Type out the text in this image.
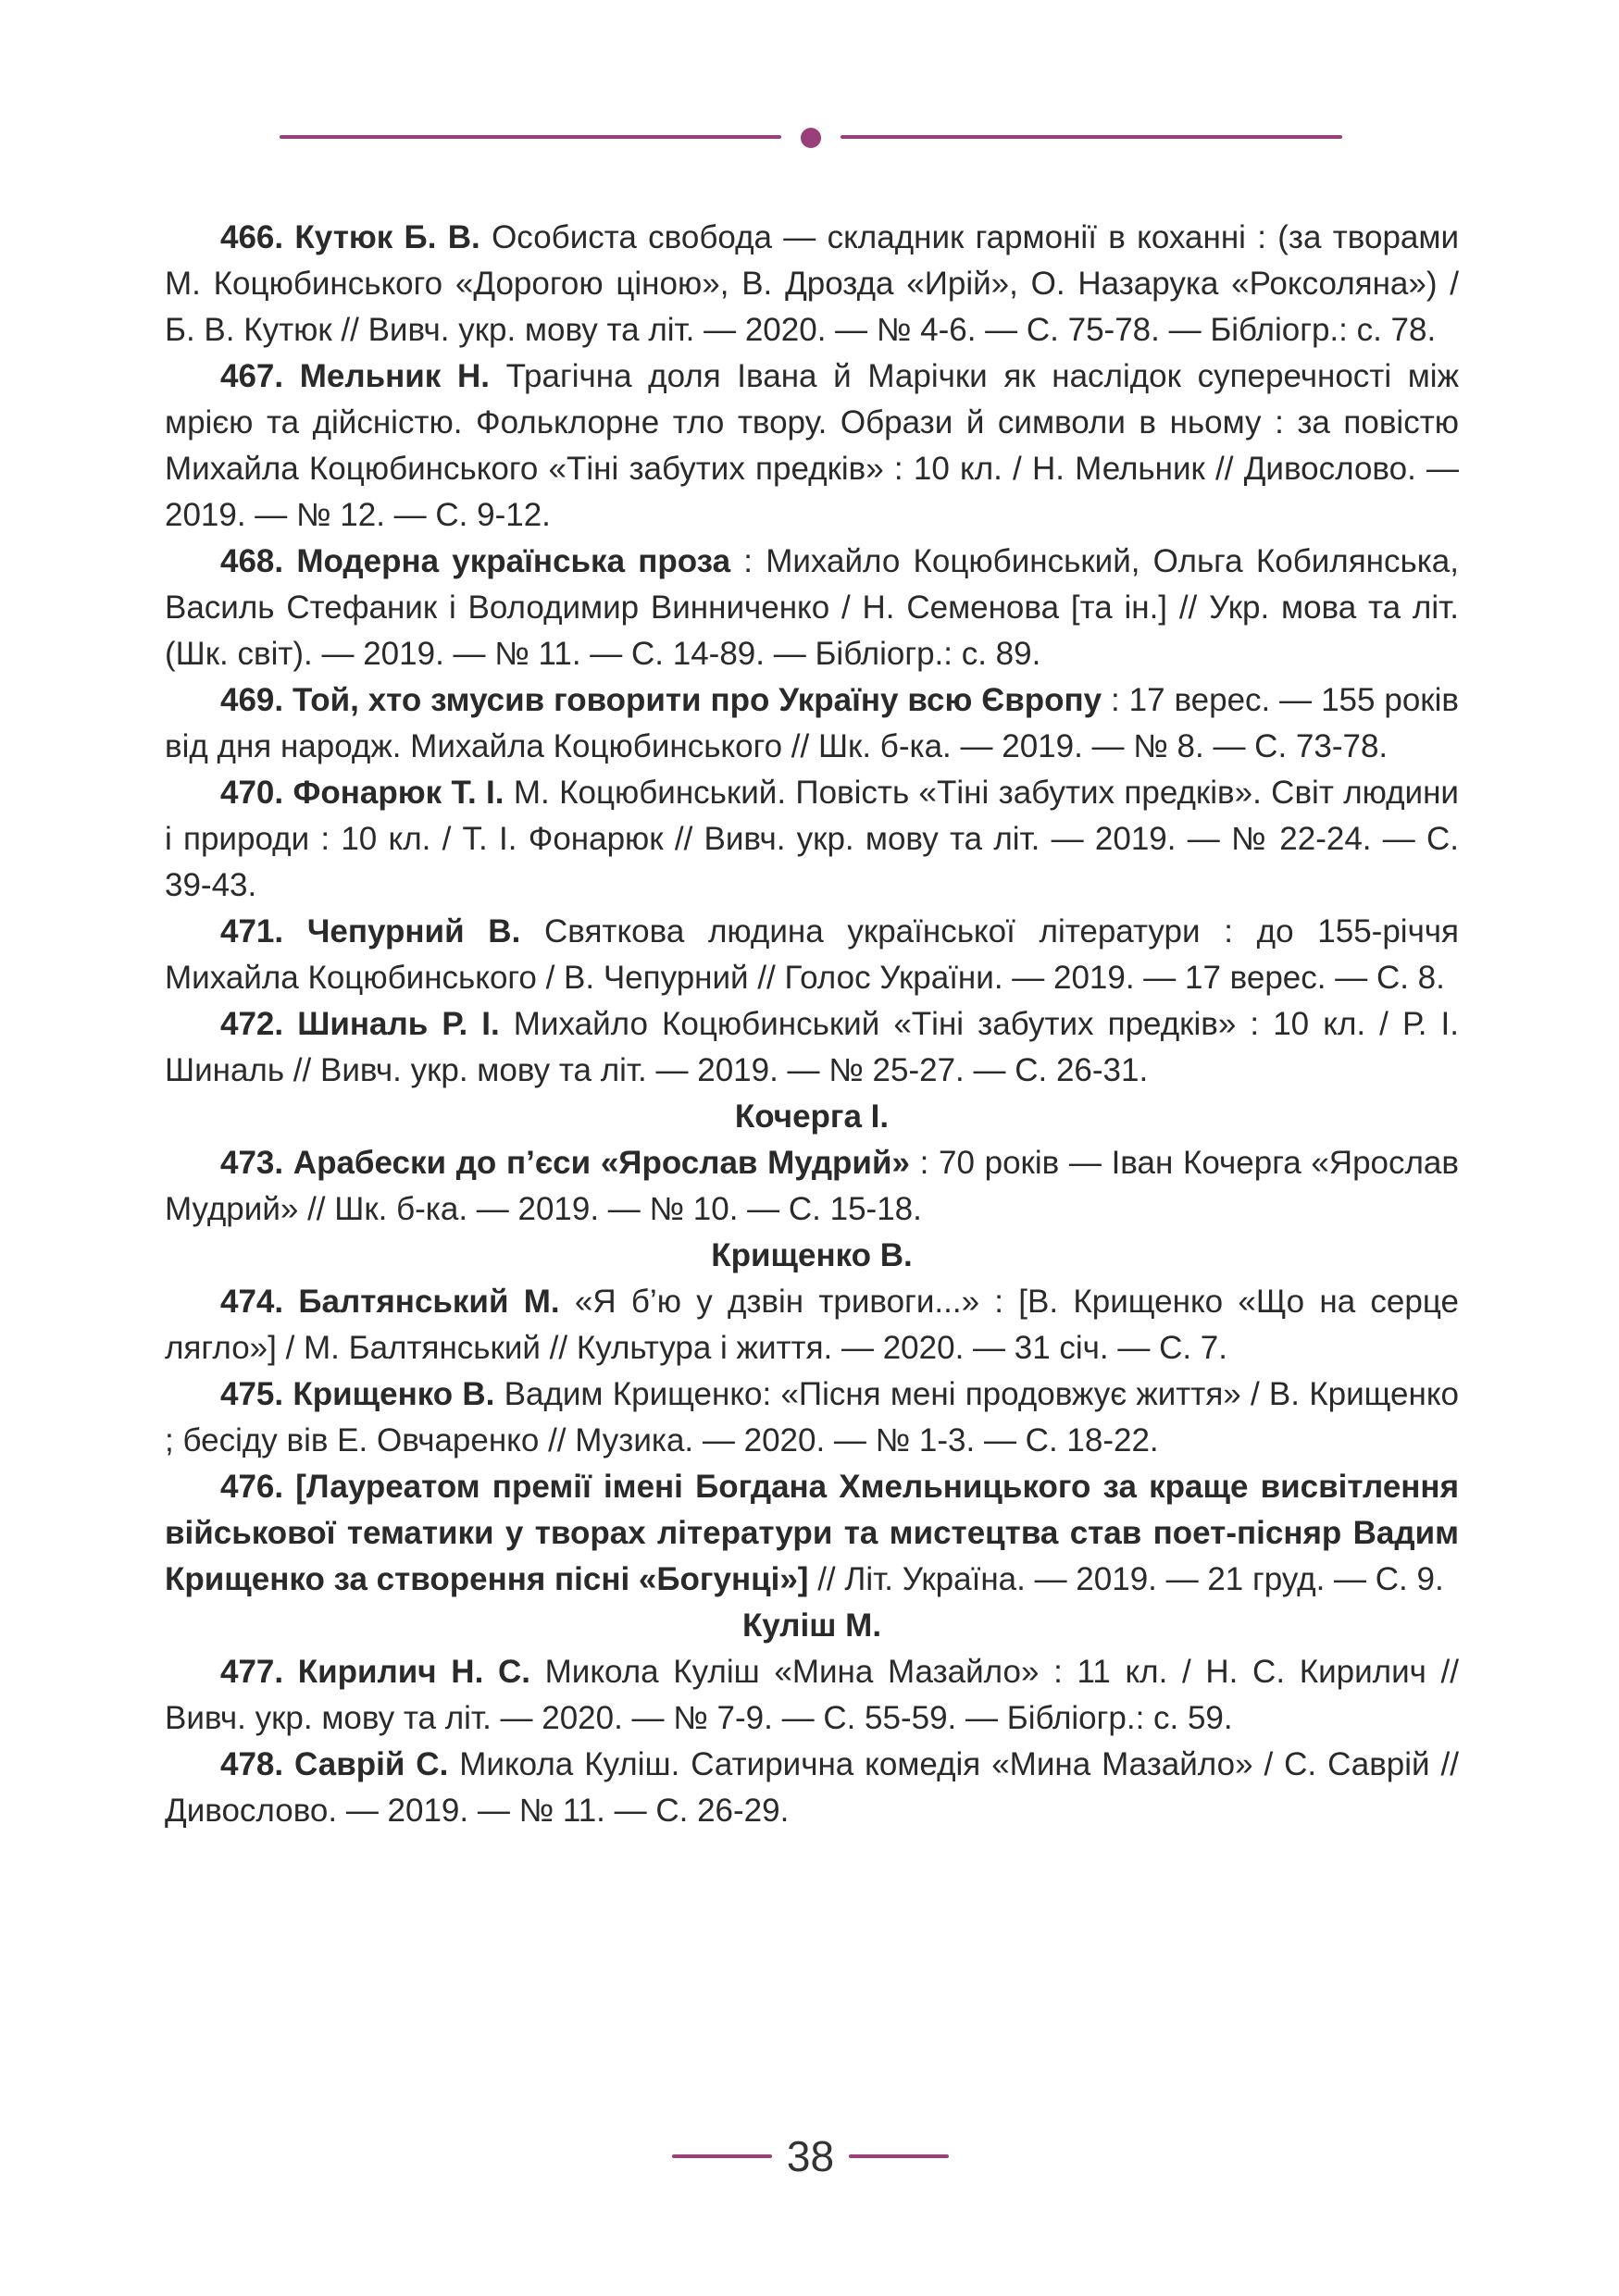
466. Кутюк Б. В. Особиста свобода — складник гармонії в коханні : (за творами М. Коцюбинського «Дорогою ціною», В. Дрозда «Ирій», О. Назарука «Роксоляна») / Б. В. Кутюк // Вивч. укр. мову та літ. — 2020. — № 4-6. — С. 75-78. — Бібліогр.: с. 78.

467. Мельник Н. Трагічна доля Івана й Марічки як наслідок суперечності між мрією та дійсністю. Фольклорне тло твору. Образи й символи в ньому : за повістю Михайла Коцюбинського «Тіні забутих предків» : 10 кл. / Н. Мельник // Дивослово. — 2019. — № 12. — С. 9-12.

468. Модерна українська проза : Михайло Коцюбинський, Ольга Кобилянська, Василь Стефаник і Володимир Винниченко / Н. Семенова [та ін.] // Укр. мова та літ. (Шк. світ). — 2019. — № 11. — С. 14-89. — Бібліогр.: с. 89.

469. Той, хто змусив говорити про Україну всю Європу : 17 верес. — 155 років від дня народж. Михайла Коцюбинського // Шк. б-ка. — 2019. — № 8. — С. 73-78.

470. Фонарюк Т. І. М. Коцюбинський. Повість «Тіні забутих предків». Світ людини і природи : 10 кл. / Т. І. Фонарюк // Вивч. укр. мову та літ. — 2019. — № 22-24. — С. 39-43.

471. Чепурний В. Святкова людина української літератури : до 155-річчя Михайла Коцюбинського / В. Чепурний // Голос України. — 2019. — 17 верес. — С. 8.

472. Шиналь Р. І. Михайло Коцюбинський «Тіні забутих предків» : 10 кл. / Р. І. Шиналь // Вивч. укр. мову та літ. — 2019. — № 25-27. — С. 26-31.

Кочерга І.

473. Арабески до п’єси «Ярослав Мудрий» : 70 років — Іван Кочерга «Ярослав Мудрий» // Шк. б-ка. — 2019. — № 10. — С. 15-18.

Крищенко В.

474. Балтянський М. «Я б’ю у дзвін тривоги...» : [В. Крищенко «Що на серце лягло»] / М. Балтянський // Культура і життя. — 2020. — 31 січ. — С. 7.

475. Крищенко В. Вадим Крищенко: «Пісня мені продовжує життя» / В. Крищенко ; бесіду вів Е. Овчаренко // Музика. — 2020. — № 1-3. — С. 18-22.

476. [Лауреатом премії імені Богдана Хмельницького за краще висвітлення військової тематики у творах літератури та мистецтва став поет-пісняр Вадим Крищенко за створення пісні «Богунці»] // Літ. Україна. — 2019. — 21 груд. — С. 9.

Куліш М.

477. Кирилич Н. С. Микола Куліш «Мина Мазайло» : 11 кл. / Н. С. Кирилич // Вивч. укр. мову та літ. — 2020. — № 7-9. — С. 55-59. — Бібліогр.: с. 59.

478. Саврій С. Микола Куліш. Сатирична комедія «Мина Мазайло» / С. Саврій // Дивослово. — 2019. — № 11. — С. 26-29.

38
